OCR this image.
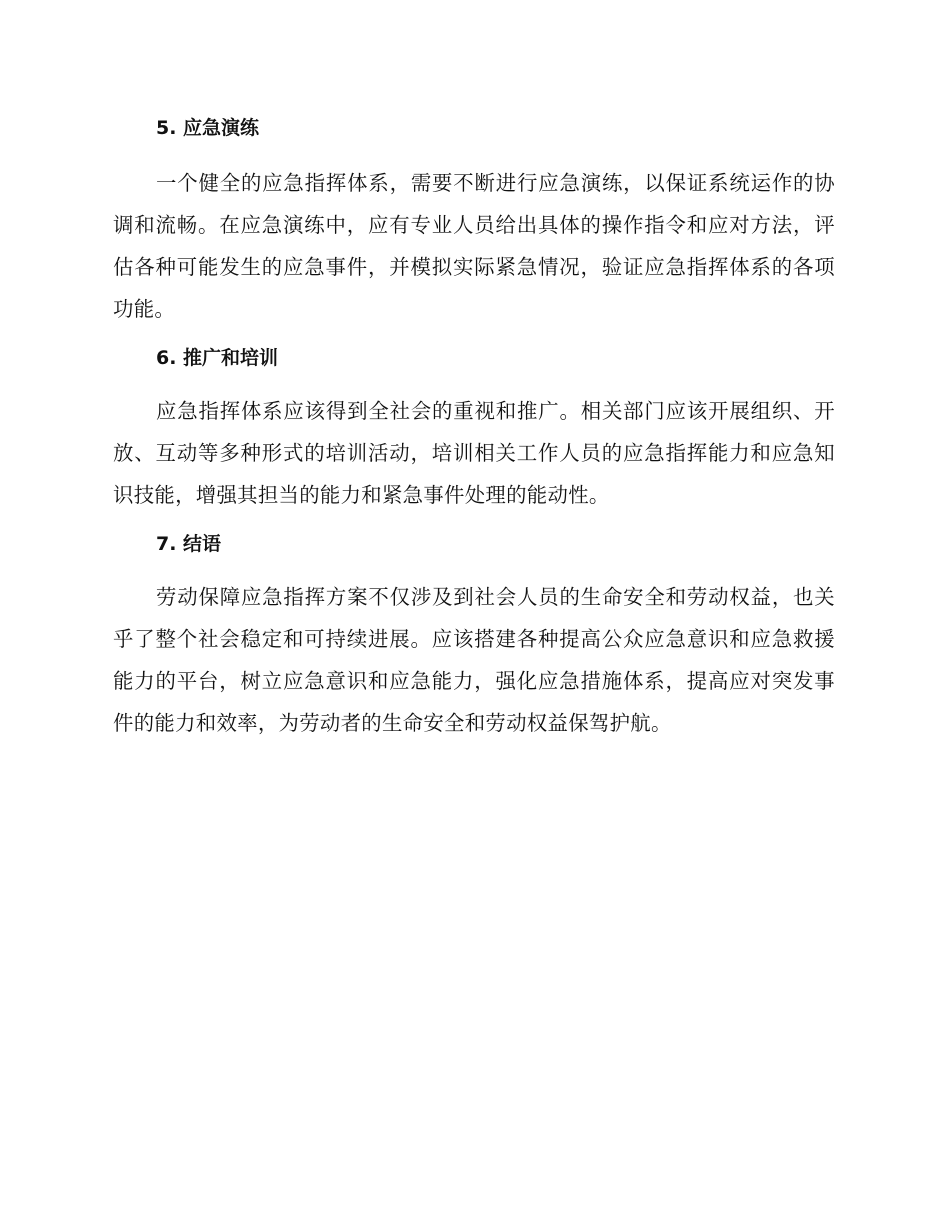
5. 应急演练

一个健全的应急指挥体系，需要不断进行应急演练，以保证系统运作的协调和流畅。在应急演练中，应有专业人员给出具体的操作指令和应对方法，评估各种可能发生的应急事件，并模拟实际紧急情况，验证应急指挥体系的各项功能。

6. 推广和培训

应急指挥体系应该得到全社会的重视和推广。相关部门应该开展组织、开放、互动等多种形式的培训活动，培训相关工作人员的应急指挥能力和应急知识技能，增强其担当的能力和紧急事件处理的能动性。

7. 结语

劳动保障应急指挥方案不仅涉及到社会人员的生命安全和劳动权益，也关乎了整个社会稳定和可持续进展。应该搭建各种提高公众应急意识和应急救援能力的平台，树立应急意识和应急能力，强化应急措施体系，提高应对突发事件的能力和效率，为劳动者的生命安全和劳动权益保驾护航。
